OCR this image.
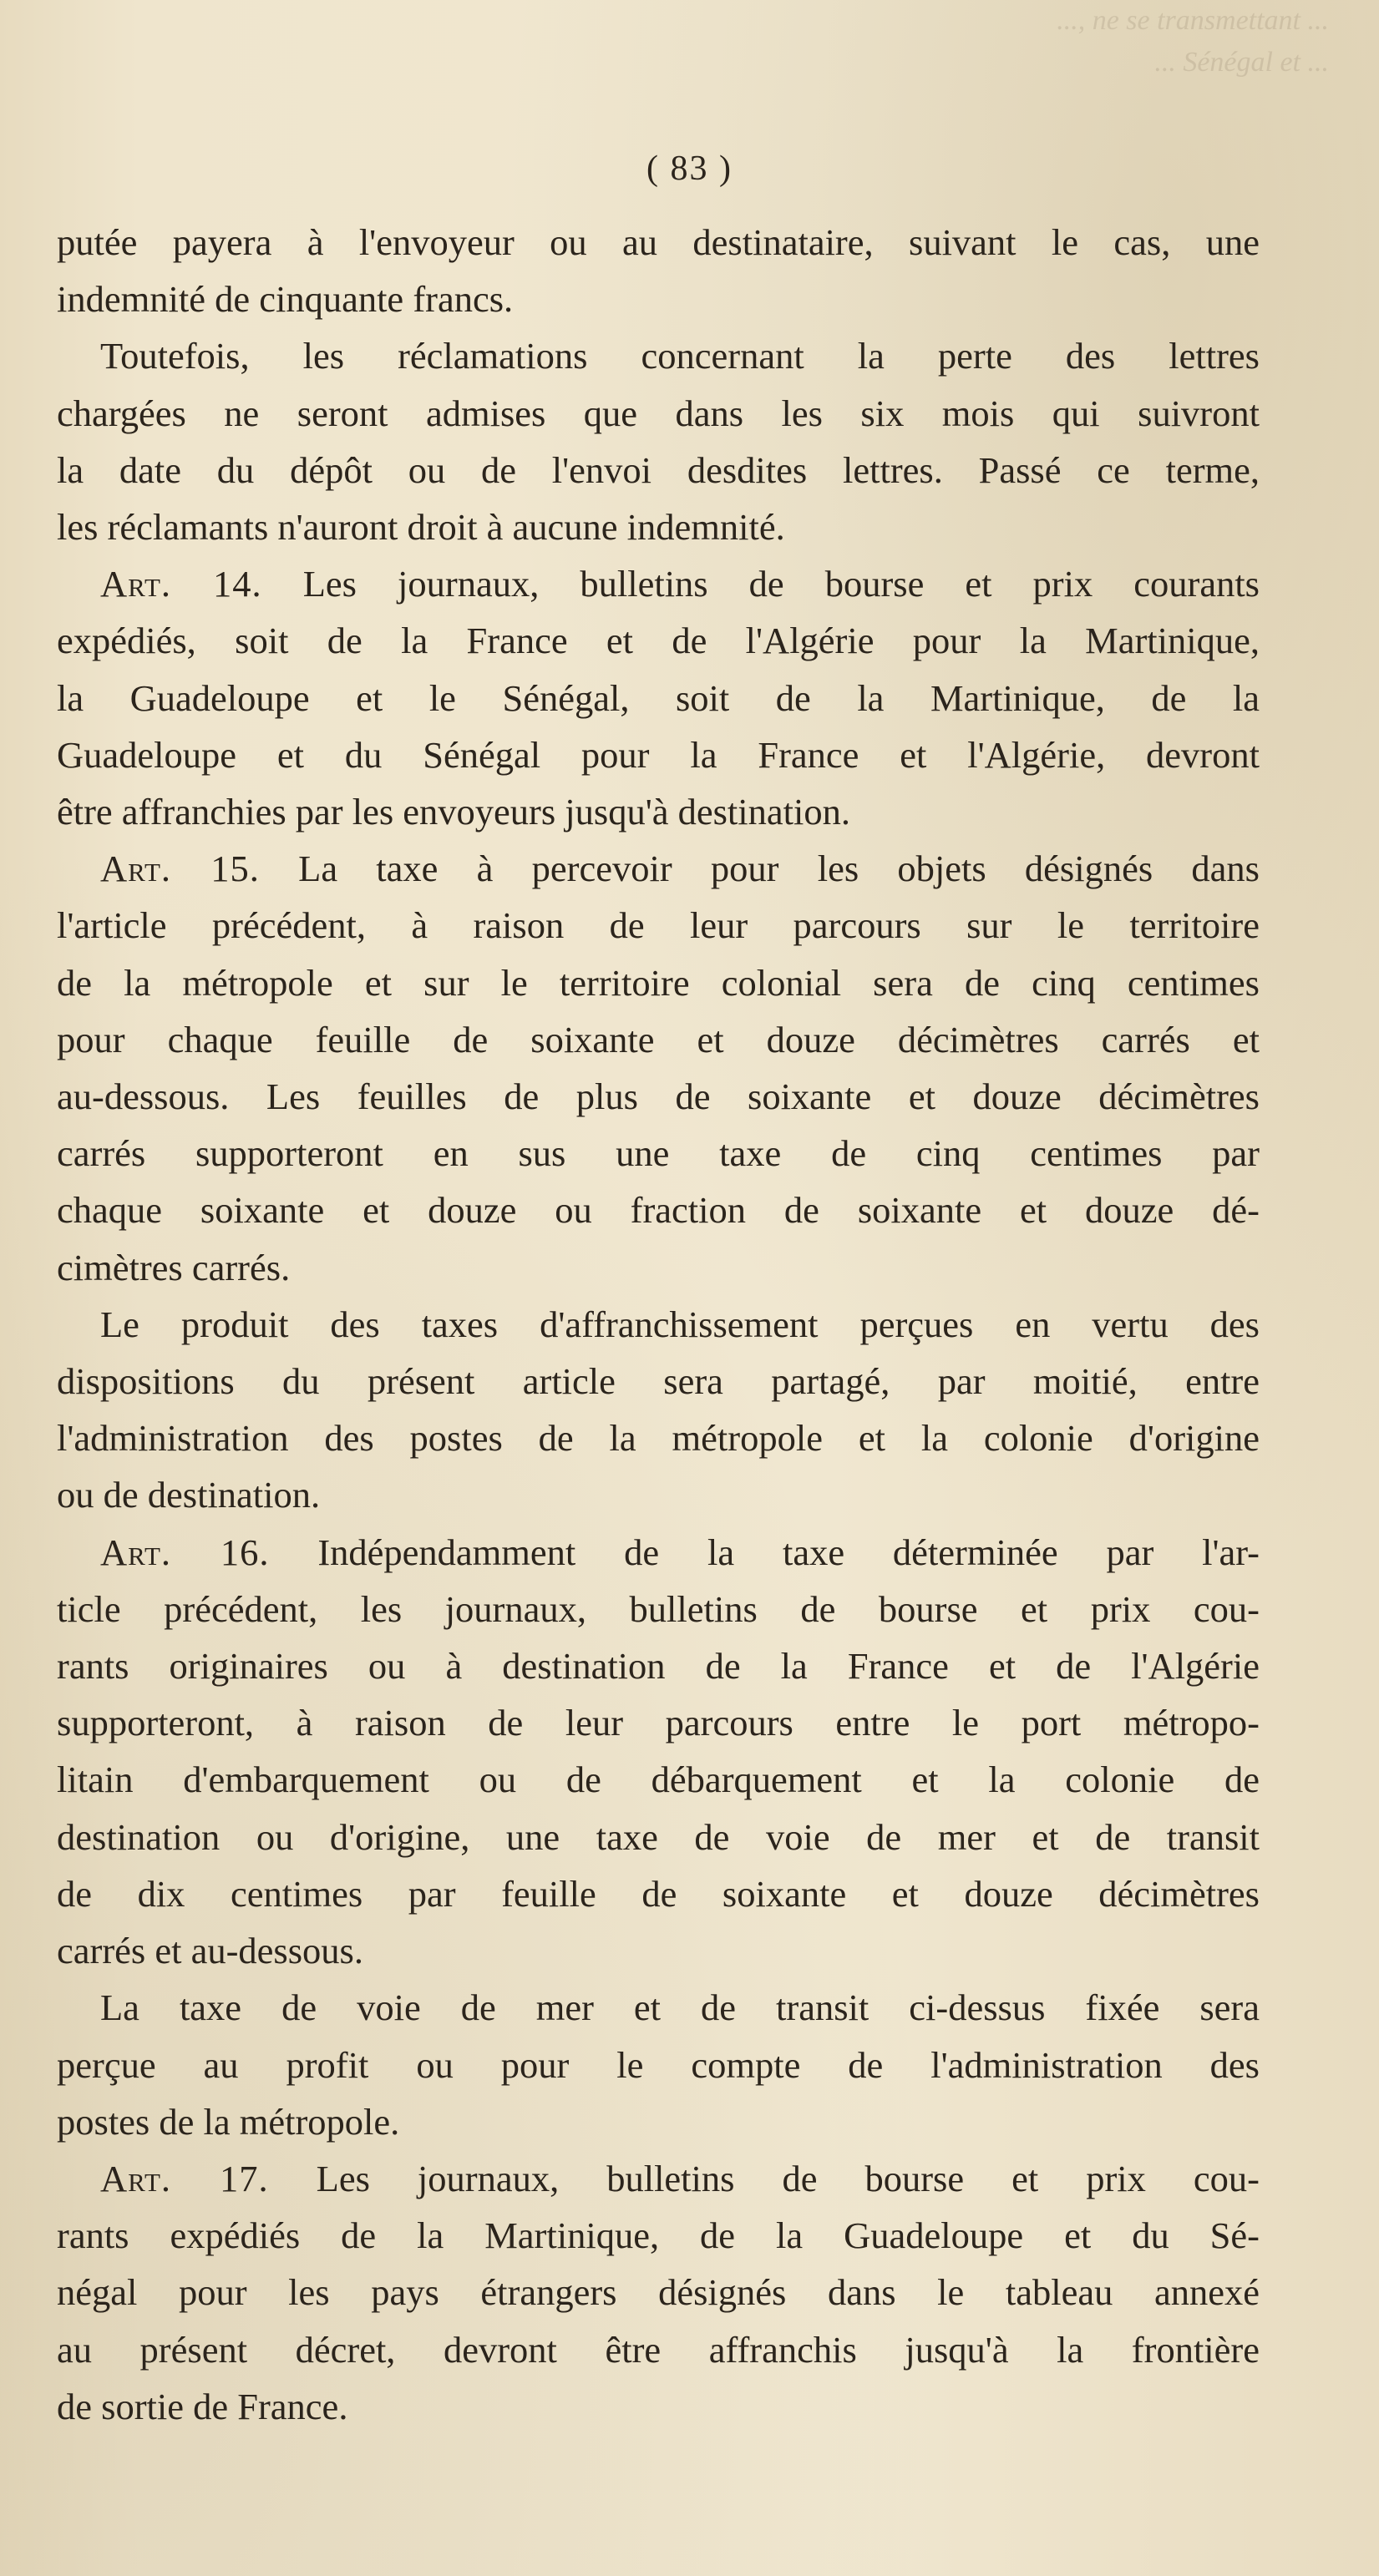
..., ne se transmettant ...
... Sénégal et ...
( 83 )

putée payera à l'envoyeur ou au destinataire, suivant le cas, une
indemnité de cinquante francs.

Toutefois, les réclamations concernant la perte des lettres
chargées ne seront admises que dans les six mois qui suivront
la date du dépôt ou de l'envoi desdites lettres. Passé ce terme,
les réclamants n'auront droit à aucune indemnité.

Art. 14. Les journaux, bulletins de bourse et prix courants
expédiés, soit de la France et de l'Algérie pour la Martinique,
la Guadeloupe et le Sénégal, soit de la Martinique, de la
Guadeloupe et du Sénégal pour la France et l'Algérie, devront
être affranchies par les envoyeurs jusqu'à destination.

Art. 15. La taxe à percevoir pour les objets désignés dans
l'article précédent, à raison de leur parcours sur le territoire
de la métropole et sur le territoire colonial sera de cinq centimes
pour chaque feuille de soixante et douze décimètres carrés et
au-dessous. Les feuilles de plus de soixante et douze décimètres
carrés supporteront en sus une taxe de cinq centimes par
chaque soixante et douze ou fraction de soixante et douze dé-
cimètres carrés.

Le produit des taxes d'affranchissement perçues en vertu des
dispositions du présent article sera partagé, par moitié, entre
l'administration des postes de la métropole et la colonie d'origine
ou de destination.

Art. 16. Indépendamment de la taxe déterminée par l'ar-
ticle précédent, les journaux, bulletins de bourse et prix cou-
rants originaires ou à destination de la France et de l'Algérie
supporteront, à raison de leur parcours entre le port métropo-
litain d'embarquement ou de débarquement et la colonie de
destination ou d'origine, une taxe de voie de mer et de transit
de dix centimes par feuille de soixante et douze décimètres
carrés et au-dessous.

La taxe de voie de mer et de transit ci-dessus fixée sera
perçue au profit ou pour le compte de l'administration des
postes de la métropole.

Art. 17. Les journaux, bulletins de bourse et prix cou-
rants expédiés de la Martinique, de la Guadeloupe et du Sé-
négal pour les pays étrangers désignés dans le tableau annexé
au présent décret, devront être affranchis jusqu'à la frontière
de sortie de France.
